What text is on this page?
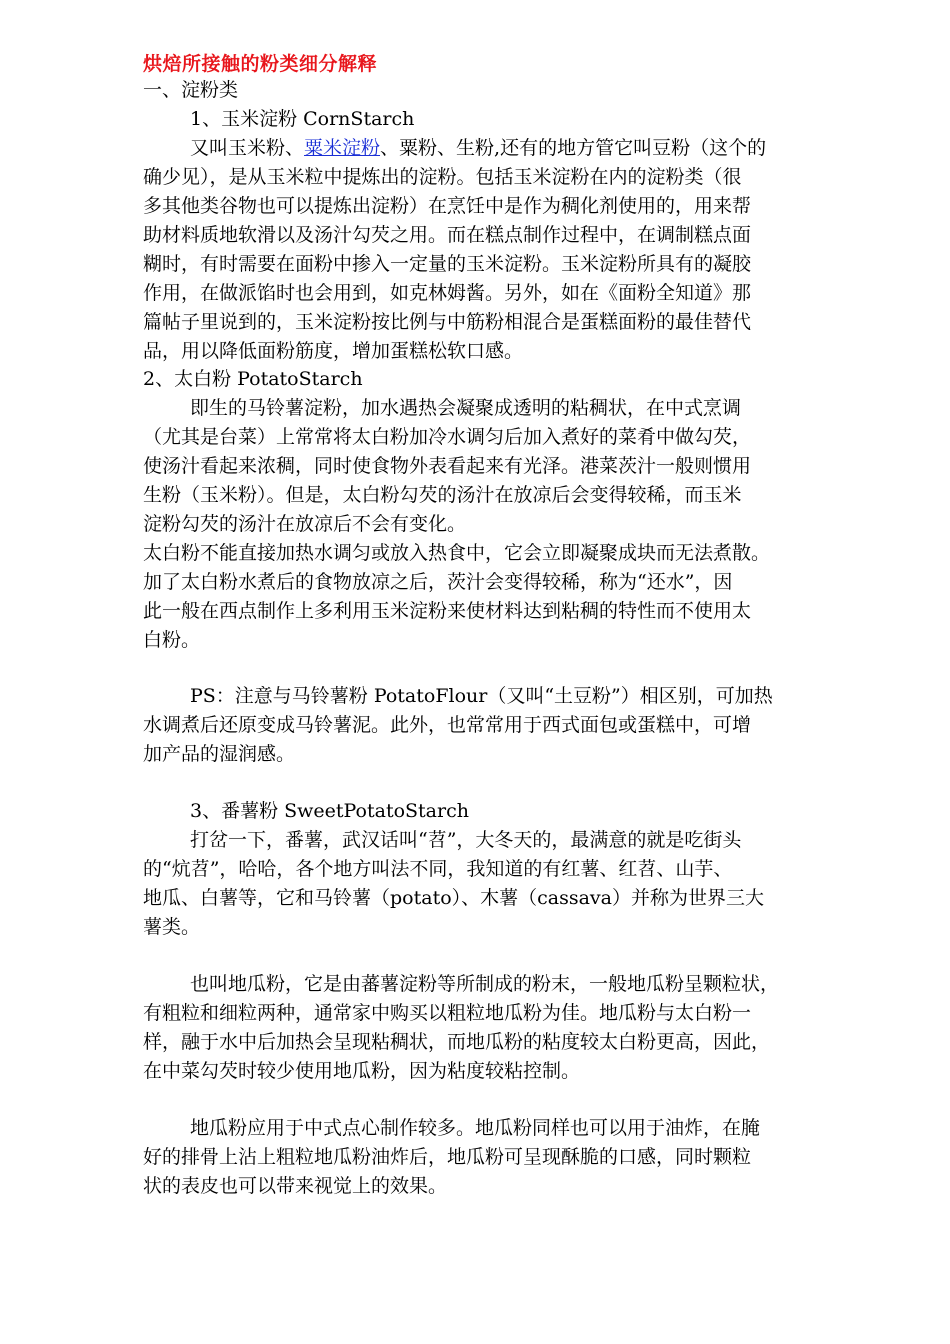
烘焙所接触的粉类细分解释
一、淀粉类
1、玉米淀粉 CornStarch
又叫玉米粉、粟米淀粉、粟粉、生粉,还有的地方管它叫豆粉（这个的
确少见），是从玉米粒中提炼出的淀粉。包括玉米淀粉在内的淀粉类（很
多其他类谷物也可以提炼出淀粉）在烹饪中是作为稠化剂使用的，用来帮
助材料质地软滑以及汤汁勾芡之用。而在糕点制作过程中，在调制糕点面
糊时，有时需要在面粉中掺入一定量的玉米淀粉。玉米淀粉所具有的凝胶
作用，在做派馅时也会用到，如克林姆酱。另外，如在《面粉全知道》那
篇帖子里说到的，玉米淀粉按比例与中筋粉相混合是蛋糕面粉的最佳替代
品，用以降低面粉筋度，增加蛋糕松软口感。
2、太白粉 PotatoStarch
即生的马铃薯淀粉，加水遇热会凝聚成透明的粘稠状，在中式烹调
（尤其是台菜）上常常将太白粉加冷水调匀后加入煮好的菜肴中做勾芡，
使汤汁看起来浓稠，同时使食物外表看起来有光泽。港菜茨汁一般则惯用
生粉（玉米粉）。但是，太白粉勾芡的汤汁在放凉后会变得较稀，而玉米
淀粉勾芡的汤汁在放凉后不会有变化。
太白粉不能直接加热水调匀或放入热食中，它会立即凝聚成块而无法煮散。
加了太白粉水煮后的食物放凉之后，茨汁会变得较稀，称为“还水”，因
此一般在西点制作上多利用玉米淀粉来使材料达到粘稠的特性而不使用太
白粉。
PS：注意与马铃薯粉 PotatoFlour（又叫“土豆粉”）相区别，可加热
水调煮后还原变成马铃薯泥。此外，也常常用于西式面包或蛋糕中，可增
加产品的湿润感。
3、番薯粉 SweetPotatoStarch
打岔一下，番薯，武汉话叫“苕”，大冬天的，最满意的就是吃街头
的“炕苕”，哈哈，各个地方叫法不同，我知道的有红薯、红苕、山芋、
地瓜、白薯等，它和马铃薯（potato）、木薯（cassava）并称为世界三大
薯类。
也叫地瓜粉，它是由蕃薯淀粉等所制成的粉末，一般地瓜粉呈颗粒状，
有粗粒和细粒两种，通常家中购买以粗粒地瓜粉为佳。地瓜粉与太白粉一
样，融于水中后加热会呈现粘稠状，而地瓜粉的粘度较太白粉更高，因此，
在中菜勾芡时较少使用地瓜粉，因为粘度较粘控制。
地瓜粉应用于中式点心制作较多。地瓜粉同样也可以用于油炸，在腌
好的排骨上沾上粗粒地瓜粉油炸后，地瓜粉可呈现酥脆的口感，同时颗粒
状的表皮也可以带来视觉上的效果。
